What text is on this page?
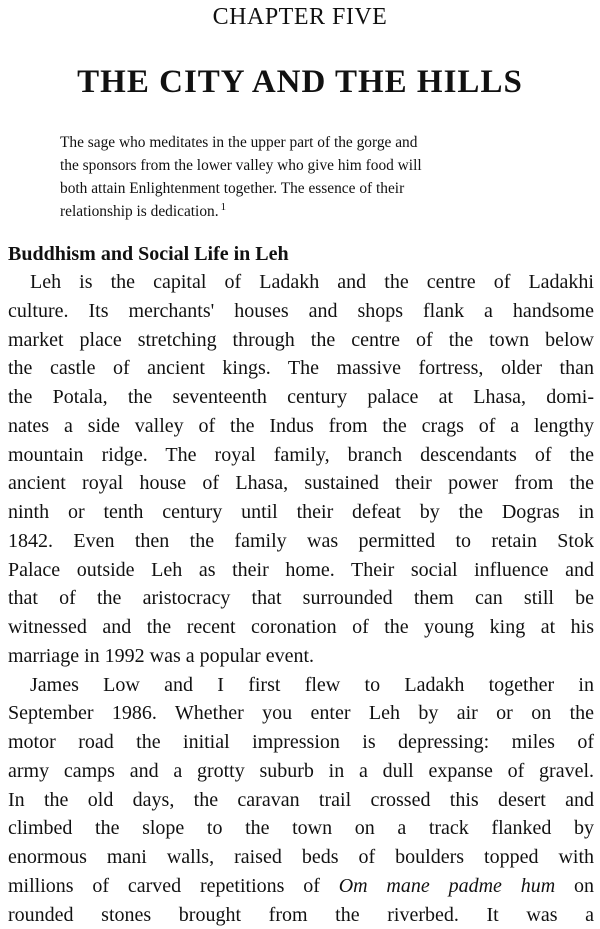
CHAPTER FIVE
THE CITY AND THE HILLS
The sage who meditates in the upper part of the gorge and
the sponsors from the lower valley who give him food will
both attain Enlightenment together. The essence of their
relationship is dedication. $^1$
Buddhism and Social Life in Leh
Leh is the capital of Ladakh and the centre of Ladakhi
culture. Its merchants' houses and shops flank a handsome
market place stretching through the centre of the town below
the castle of ancient kings. The massive fortress, older than
the Potala, the seventeenth century palace at Lhasa, domi-
nates a side valley of the Indus from the crags of a lengthy
mountain ridge. The royal family, branch descendants of the
ancient royal house of Lhasa, sustained their power from the
ninth or tenth century until their defeat by the Dogras in
1842. Even then the family was permitted to retain Stok
Palace outside Leh as their home. Their social influence and
that of the aristocracy that surrounded them can still be
witnessed and the recent coronation of the young king at his
marriage in 1992 was a popular event.
James Low and I first flew to Ladakh together in
September 1986. Whether you enter Leh by air or on the
motor road the initial impression is depressing: miles of
army camps and a grotty suburb in a dull expanse of gravel.
In the old days, the caravan trail crossed this desert and
climbed the slope to the town on a track flanked by
enormous mani walls, raised beds of boulders topped with
millions of carved repetitions of Om mane padme hum on
rounded stones brought from the riverbed. It was a
